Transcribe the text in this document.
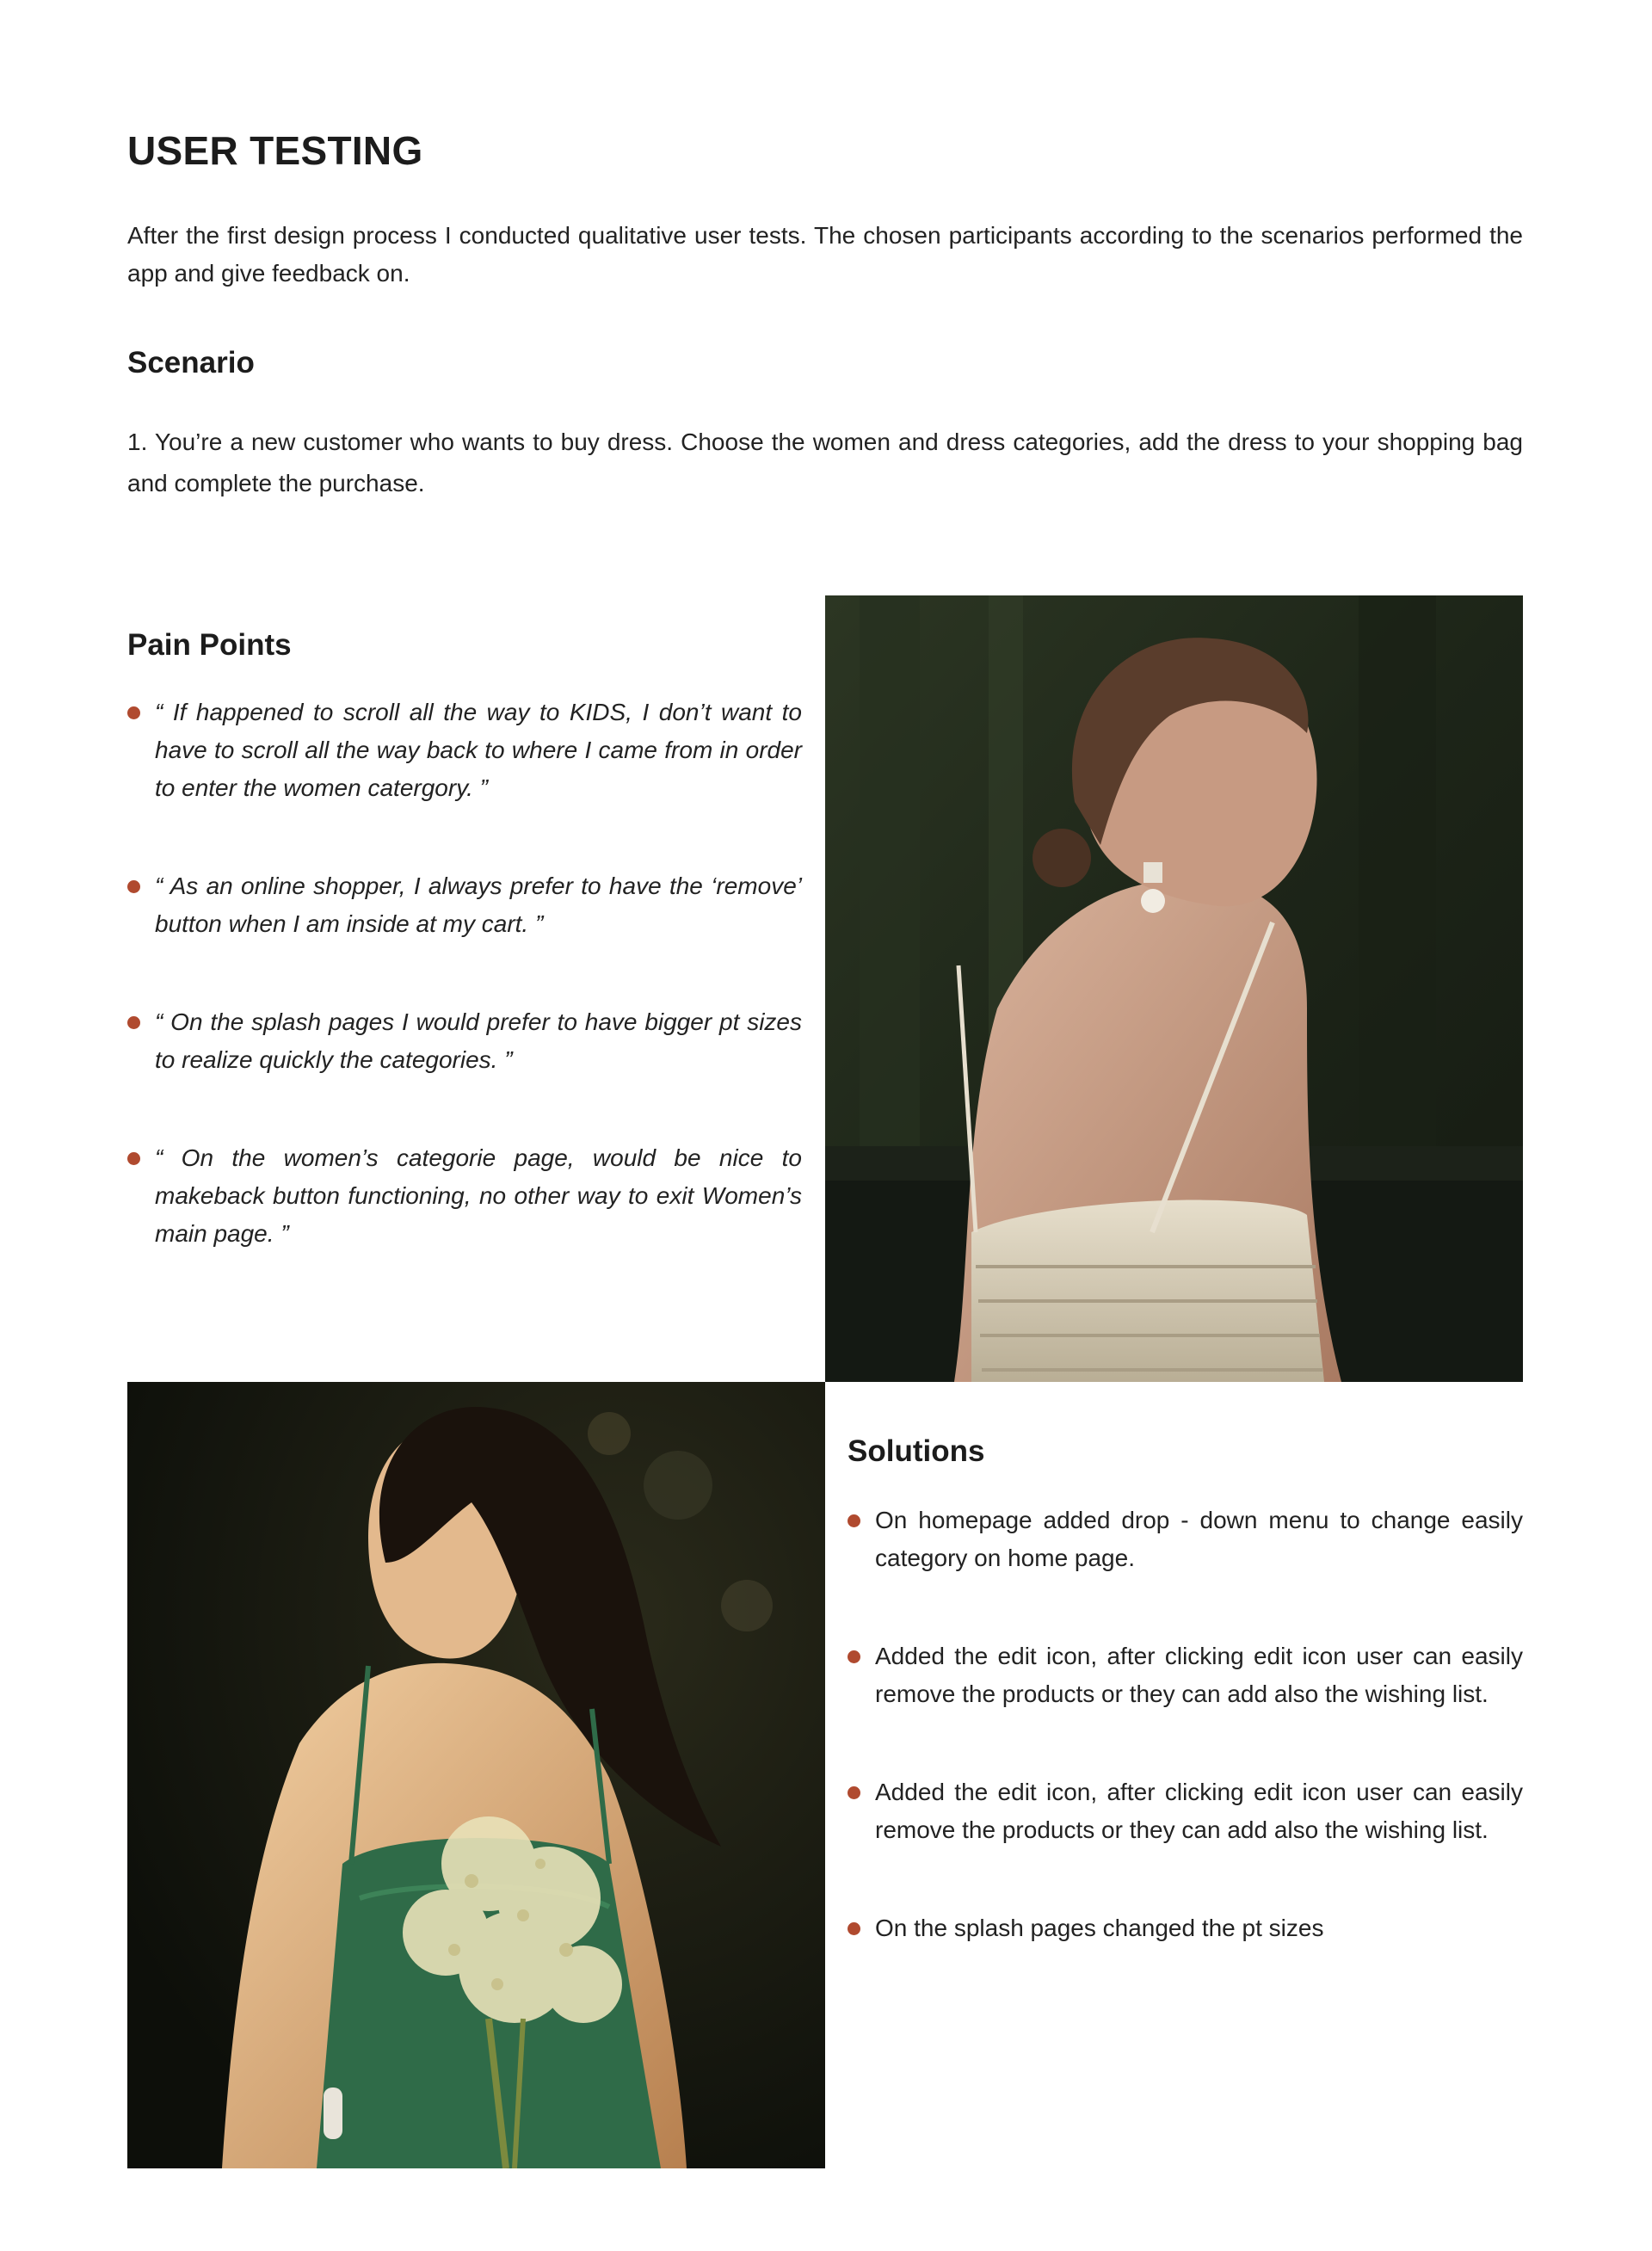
USER TESTING

After the first design process I conducted qualitative user tests. The chosen participants according to the scenarios performed the app and give feedback on.

Scenario

1. You’re a new customer who wants to buy dress. Choose the women and dress categories, add the dress to your shopping bag and complete the purchase.

Pain Points
“ If happened to scroll all the way to KIDS, I don’t want to have to scroll all the way back to where I came from in order to enter the women catergory. ”
“ As an online shopper, I always prefer to have the ‘remove’ button when I am inside at my cart. ”
“ On the splash pages I would prefer to have bigger pt sizes to realize quickly the categories. ”
“ On the women’s categorie page, would be nice to makeback button functioning, no other way to exit Women’s main page. ”
Solutions
On homepage added drop - down menu to change easily category on home page.
Added the edit icon, after clicking edit icon user can easily remove the products or they can add also the wishing list.
Added the edit icon, after clicking edit icon user can easily remove the products or they can add also the wishing list.
On the splash pages changed the pt sizes
